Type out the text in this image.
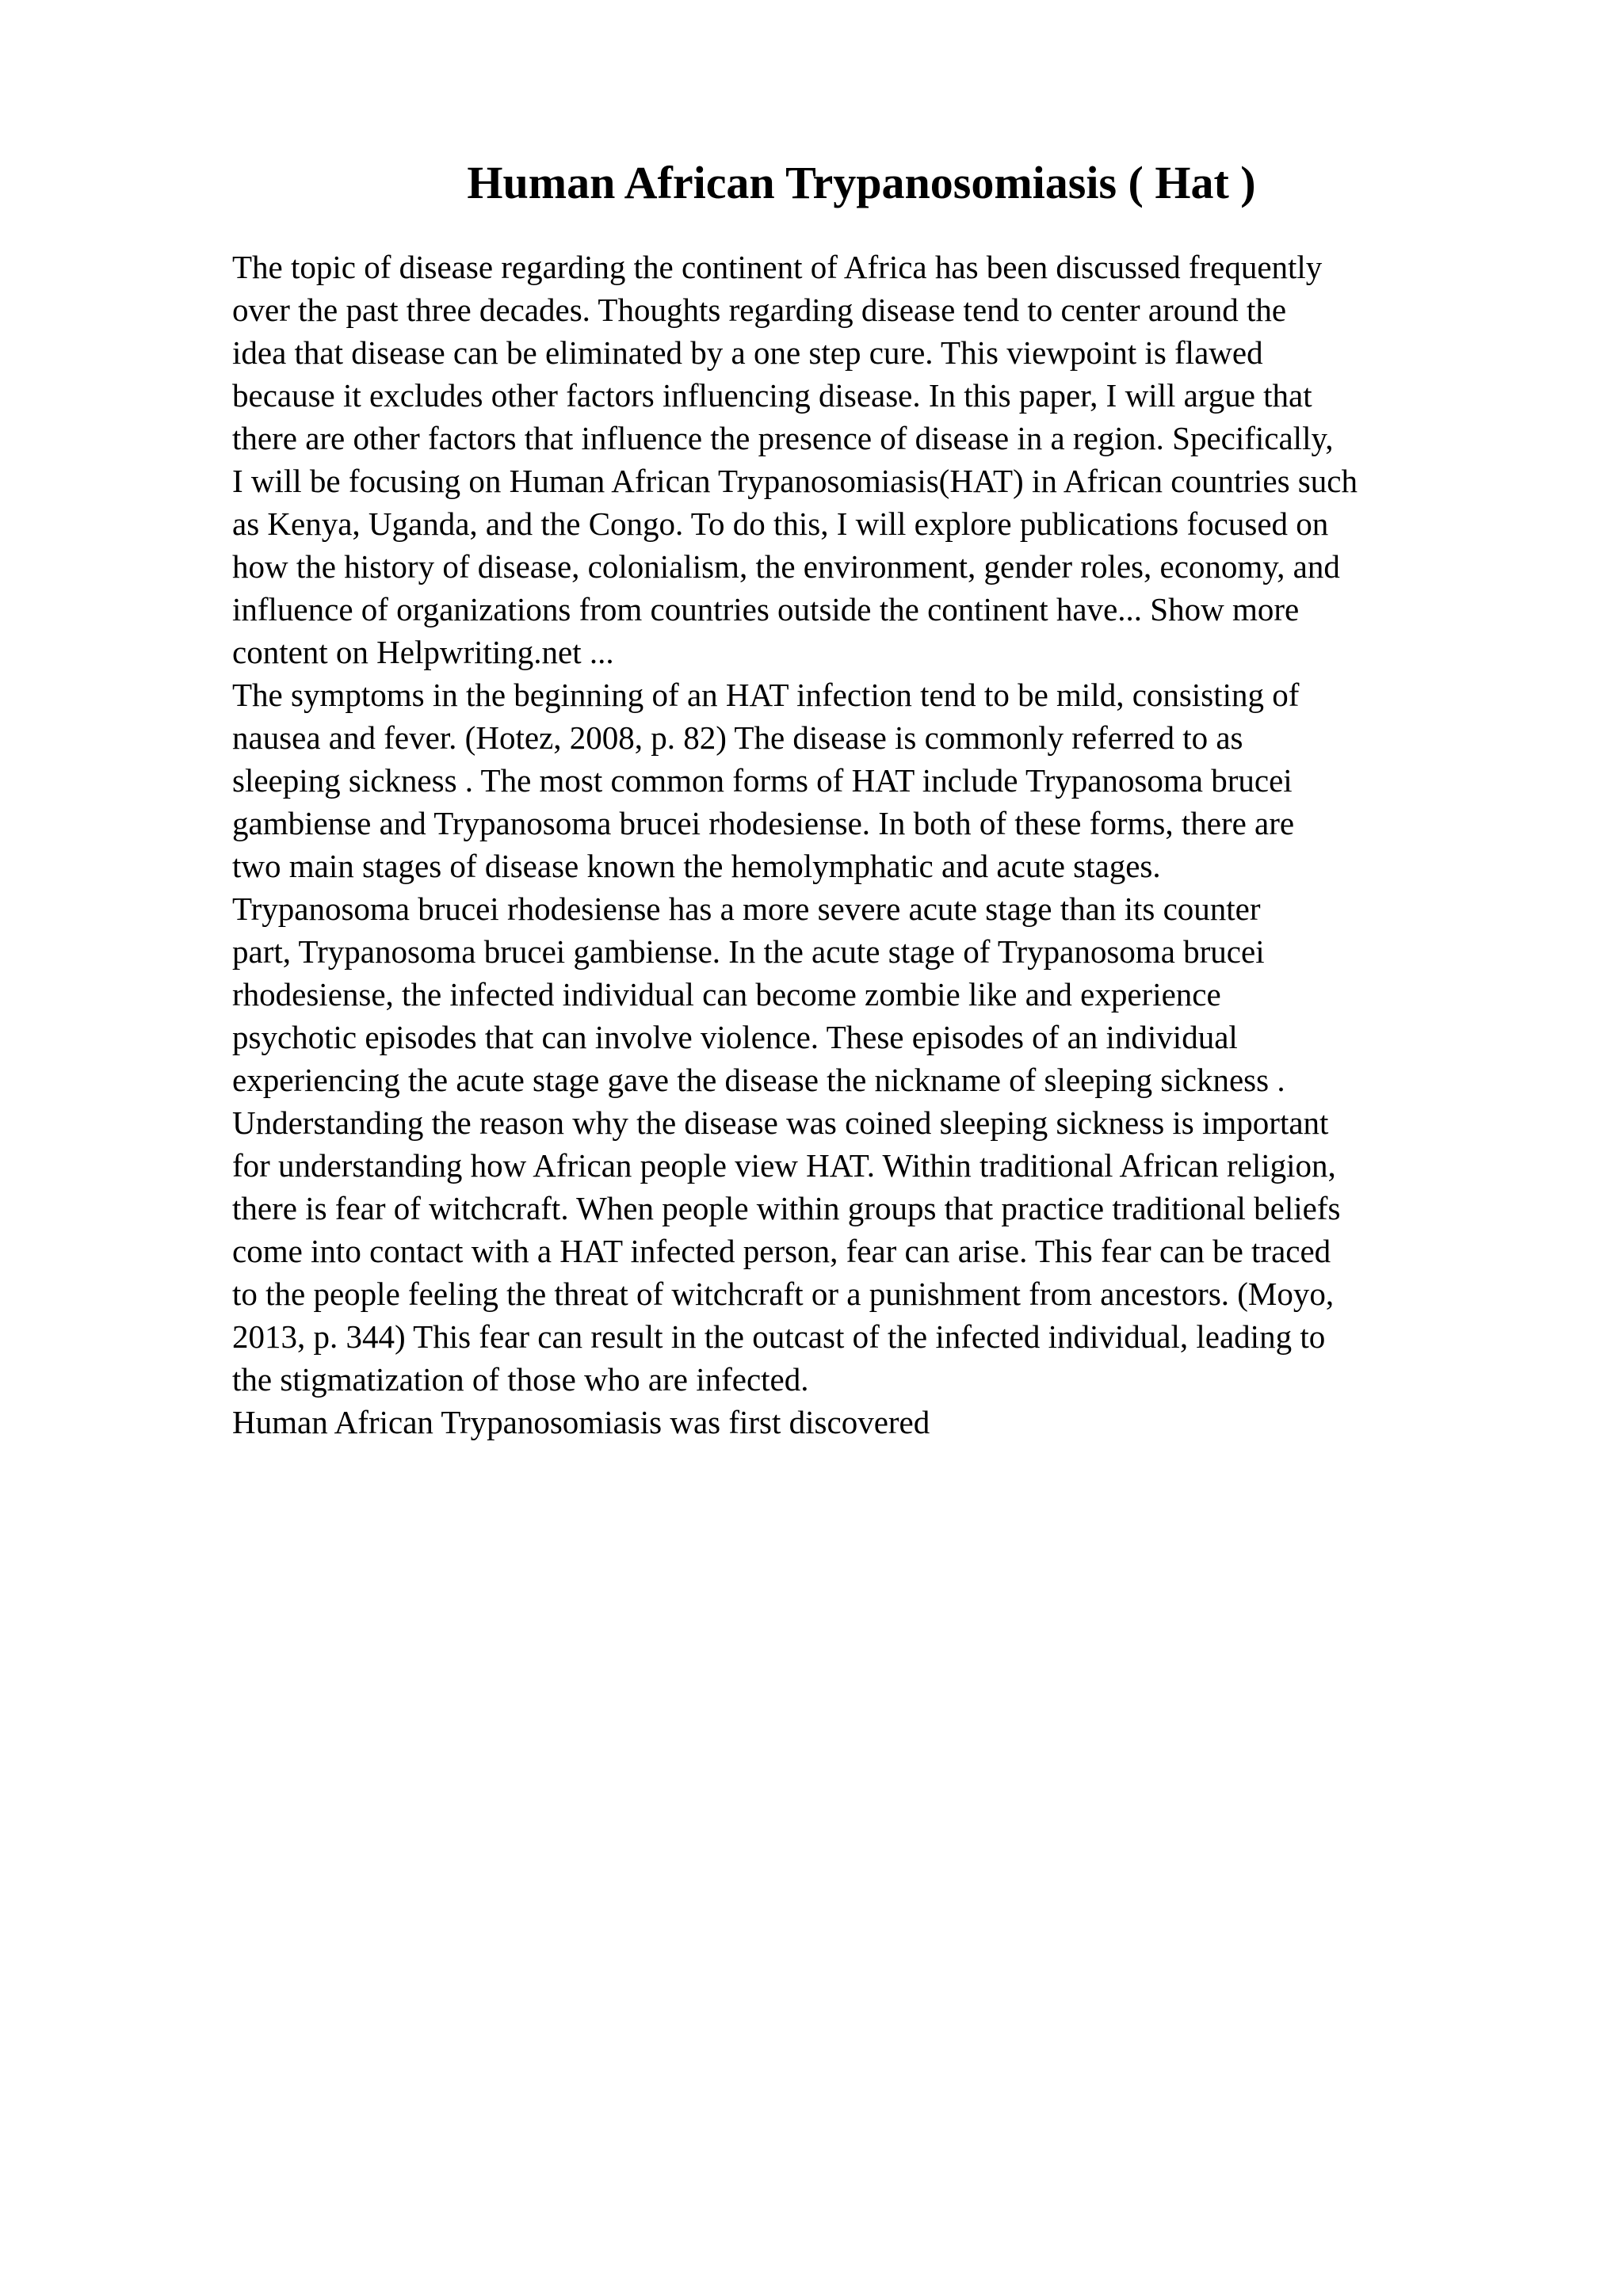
Human African Trypanosomiasis ( Hat )
The topic of disease regarding the continent of Africa has been discussed frequently
over the past three decades. Thoughts regarding disease tend to center around the
idea that disease can be eliminated by a one step cure. This viewpoint is flawed
because it excludes other factors influencing disease. In this paper, I will argue that
there are other factors that influence the presence of disease in a region. Specifically,
I will be focusing on Human African Trypanosomiasis(HAT) in African countries such
as Kenya, Uganda, and the Congo. To do this, I will explore publications focused on
how the history of disease, colonialism, the environment, gender roles, economy, and
influence of organizations from countries outside the continent have... Show more
content on Helpwriting.net ...
The symptoms in the beginning of an HAT infection tend to be mild, consisting of
nausea and fever. (Hotez, 2008, p. 82) The disease is commonly referred to as
sleeping sickness . The most common forms of HAT include Trypanosoma brucei
gambiense and Trypanosoma brucei rhodesiense. In both of these forms, there are
two main stages of disease known the hemolymphatic and acute stages.
Trypanosoma brucei rhodesiense has a more severe acute stage than its counter
part, Trypanosoma brucei gambiense. In the acute stage of Trypanosoma brucei
rhodesiense, the infected individual can become zombie like and experience
psychotic episodes that can involve violence. These episodes of an individual
experiencing the acute stage gave the disease the nickname of sleeping sickness .
Understanding the reason why the disease was coined sleeping sickness is important
for understanding how African people view HAT. Within traditional African religion,
there is fear of witchcraft. When people within groups that practice traditional beliefs
come into contact with a HAT infected person, fear can arise. This fear can be traced
to the people feeling the threat of witchcraft or a punishment from ancestors. (Moyo,
2013, p. 344) This fear can result in the outcast of the infected individual, leading to
the stigmatization of those who are infected.
Human African Trypanosomiasis was first discovered
